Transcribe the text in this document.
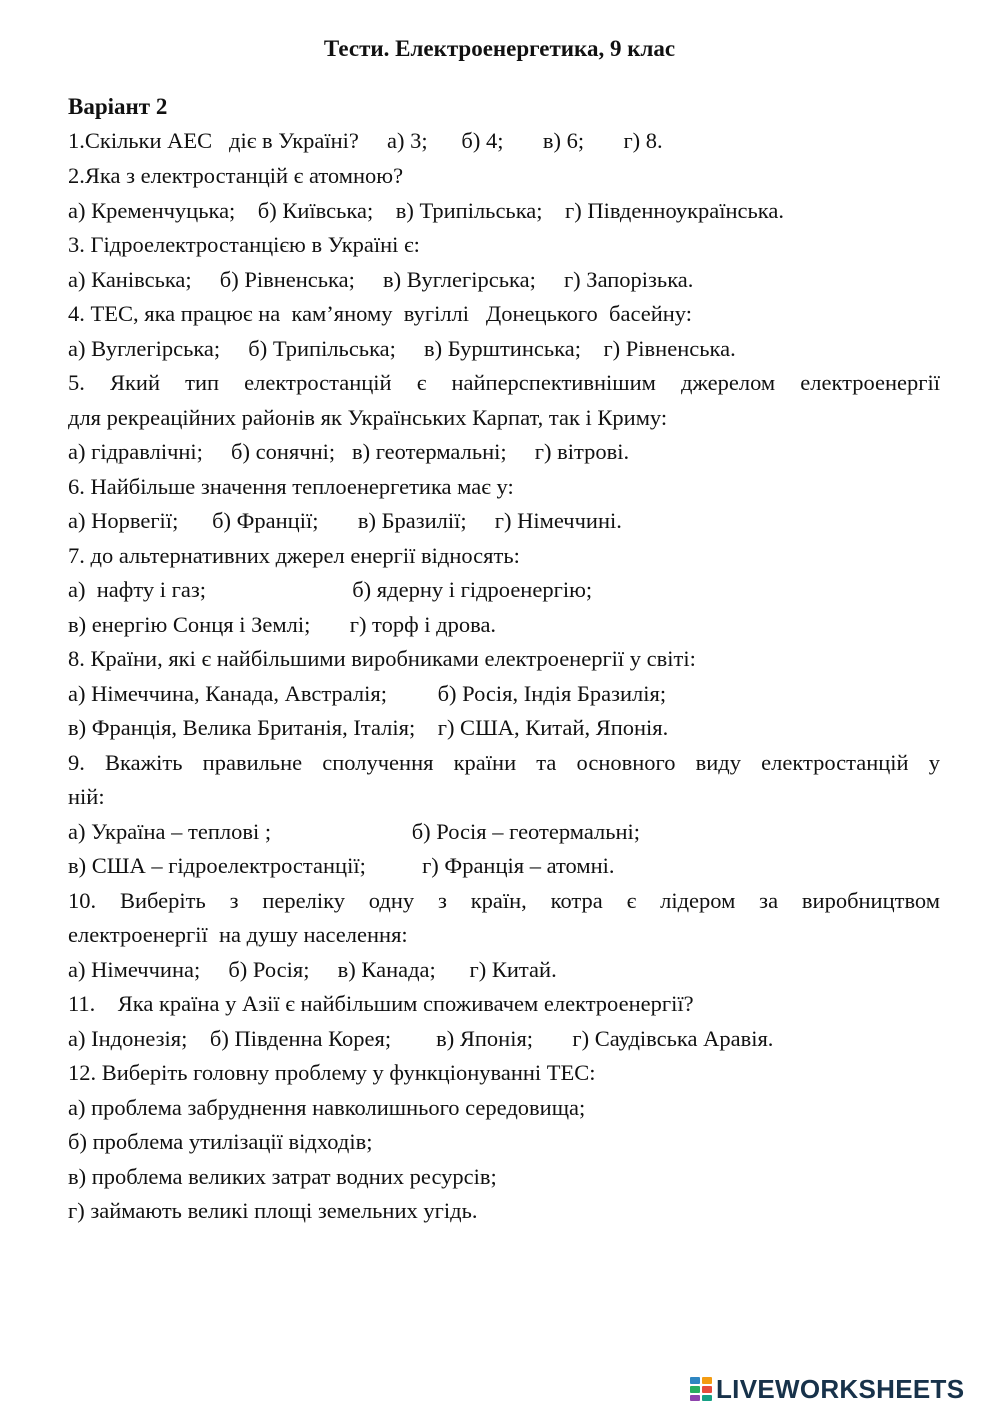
Тести. Електроенергетика, 9 клас
Варіант 2
1.Скільки АЕС   діє в Україні?     а) 3;      б) 4;       в) 6;       г) 8.
2.Яка з електростанцій є атомною?
а) Кременчуцька;    б) Київська;    в) Трипільська;    г) Південноукраїнська.
3. Гідроелектростанцією в Україні є:
а) Канівська;     б) Рівненська;     в) Вуглегірська;     г) Запорізька.
4. ТЕС, яка працює на  кам’яному  вугіллі   Донецького  басейну:
а) Вуглегірська;     б) Трипільська;     в) Бурштинська;    г) Рівненська.
5. Який тип електростанцій є найперспективнішим джерелом електроенергії
для рекреаційних районів як Українських Карпат, так і Криму:
а) гідравлічні;     б) сонячні;   в) геотермальні;     г) вітрові.
6. Найбільше значення теплоенергетика має у:
а) Норвегії;      б) Франції;       в) Бразилії;     г) Німеччині.
7. до альтернативних джерел енергії відносять:
а)  нафту і газ;                          б) ядерну і гідроенергію;
в) енергію Сонця і Землі;       г) торф і дрова.
8. Країни, які є найбільшими виробниками електроенергії у світі:
а) Німеччина, Канада, Австралія;         б) Росія, Індія Бразилія;
в) Франція, Велика Британія, Італія;    г) США, Китай, Японія.
9. Вкажіть правильне сполучення країни та основного виду електростанцій у
ній:
а) Україна – теплові ;                         б) Росія – геотермальні;
в) США – гідроелектростанції;          г) Франція – атомні.
10. Виберіть з переліку одну з країн, котра є лідером за виробництвом
електроенергії  на душу населення:
а) Німеччина;     б) Росія;     в) Канада;      г) Китай.
11.    Яка країна у Азії є найбільшим споживачем електроенергії?
а) Індонезія;    б) Південна Корея;        в) Японія;       г) Саудівська Аравія.
12. Виберіть головну проблему у функціонуванні ТЕС:
а) проблема забруднення навколишнього середовища;
б) проблема утилізації відходів;
в) проблема великих затрат водних ресурсів;
г) займають великі площі земельних угідь.
LIVEWORKSHEETS
